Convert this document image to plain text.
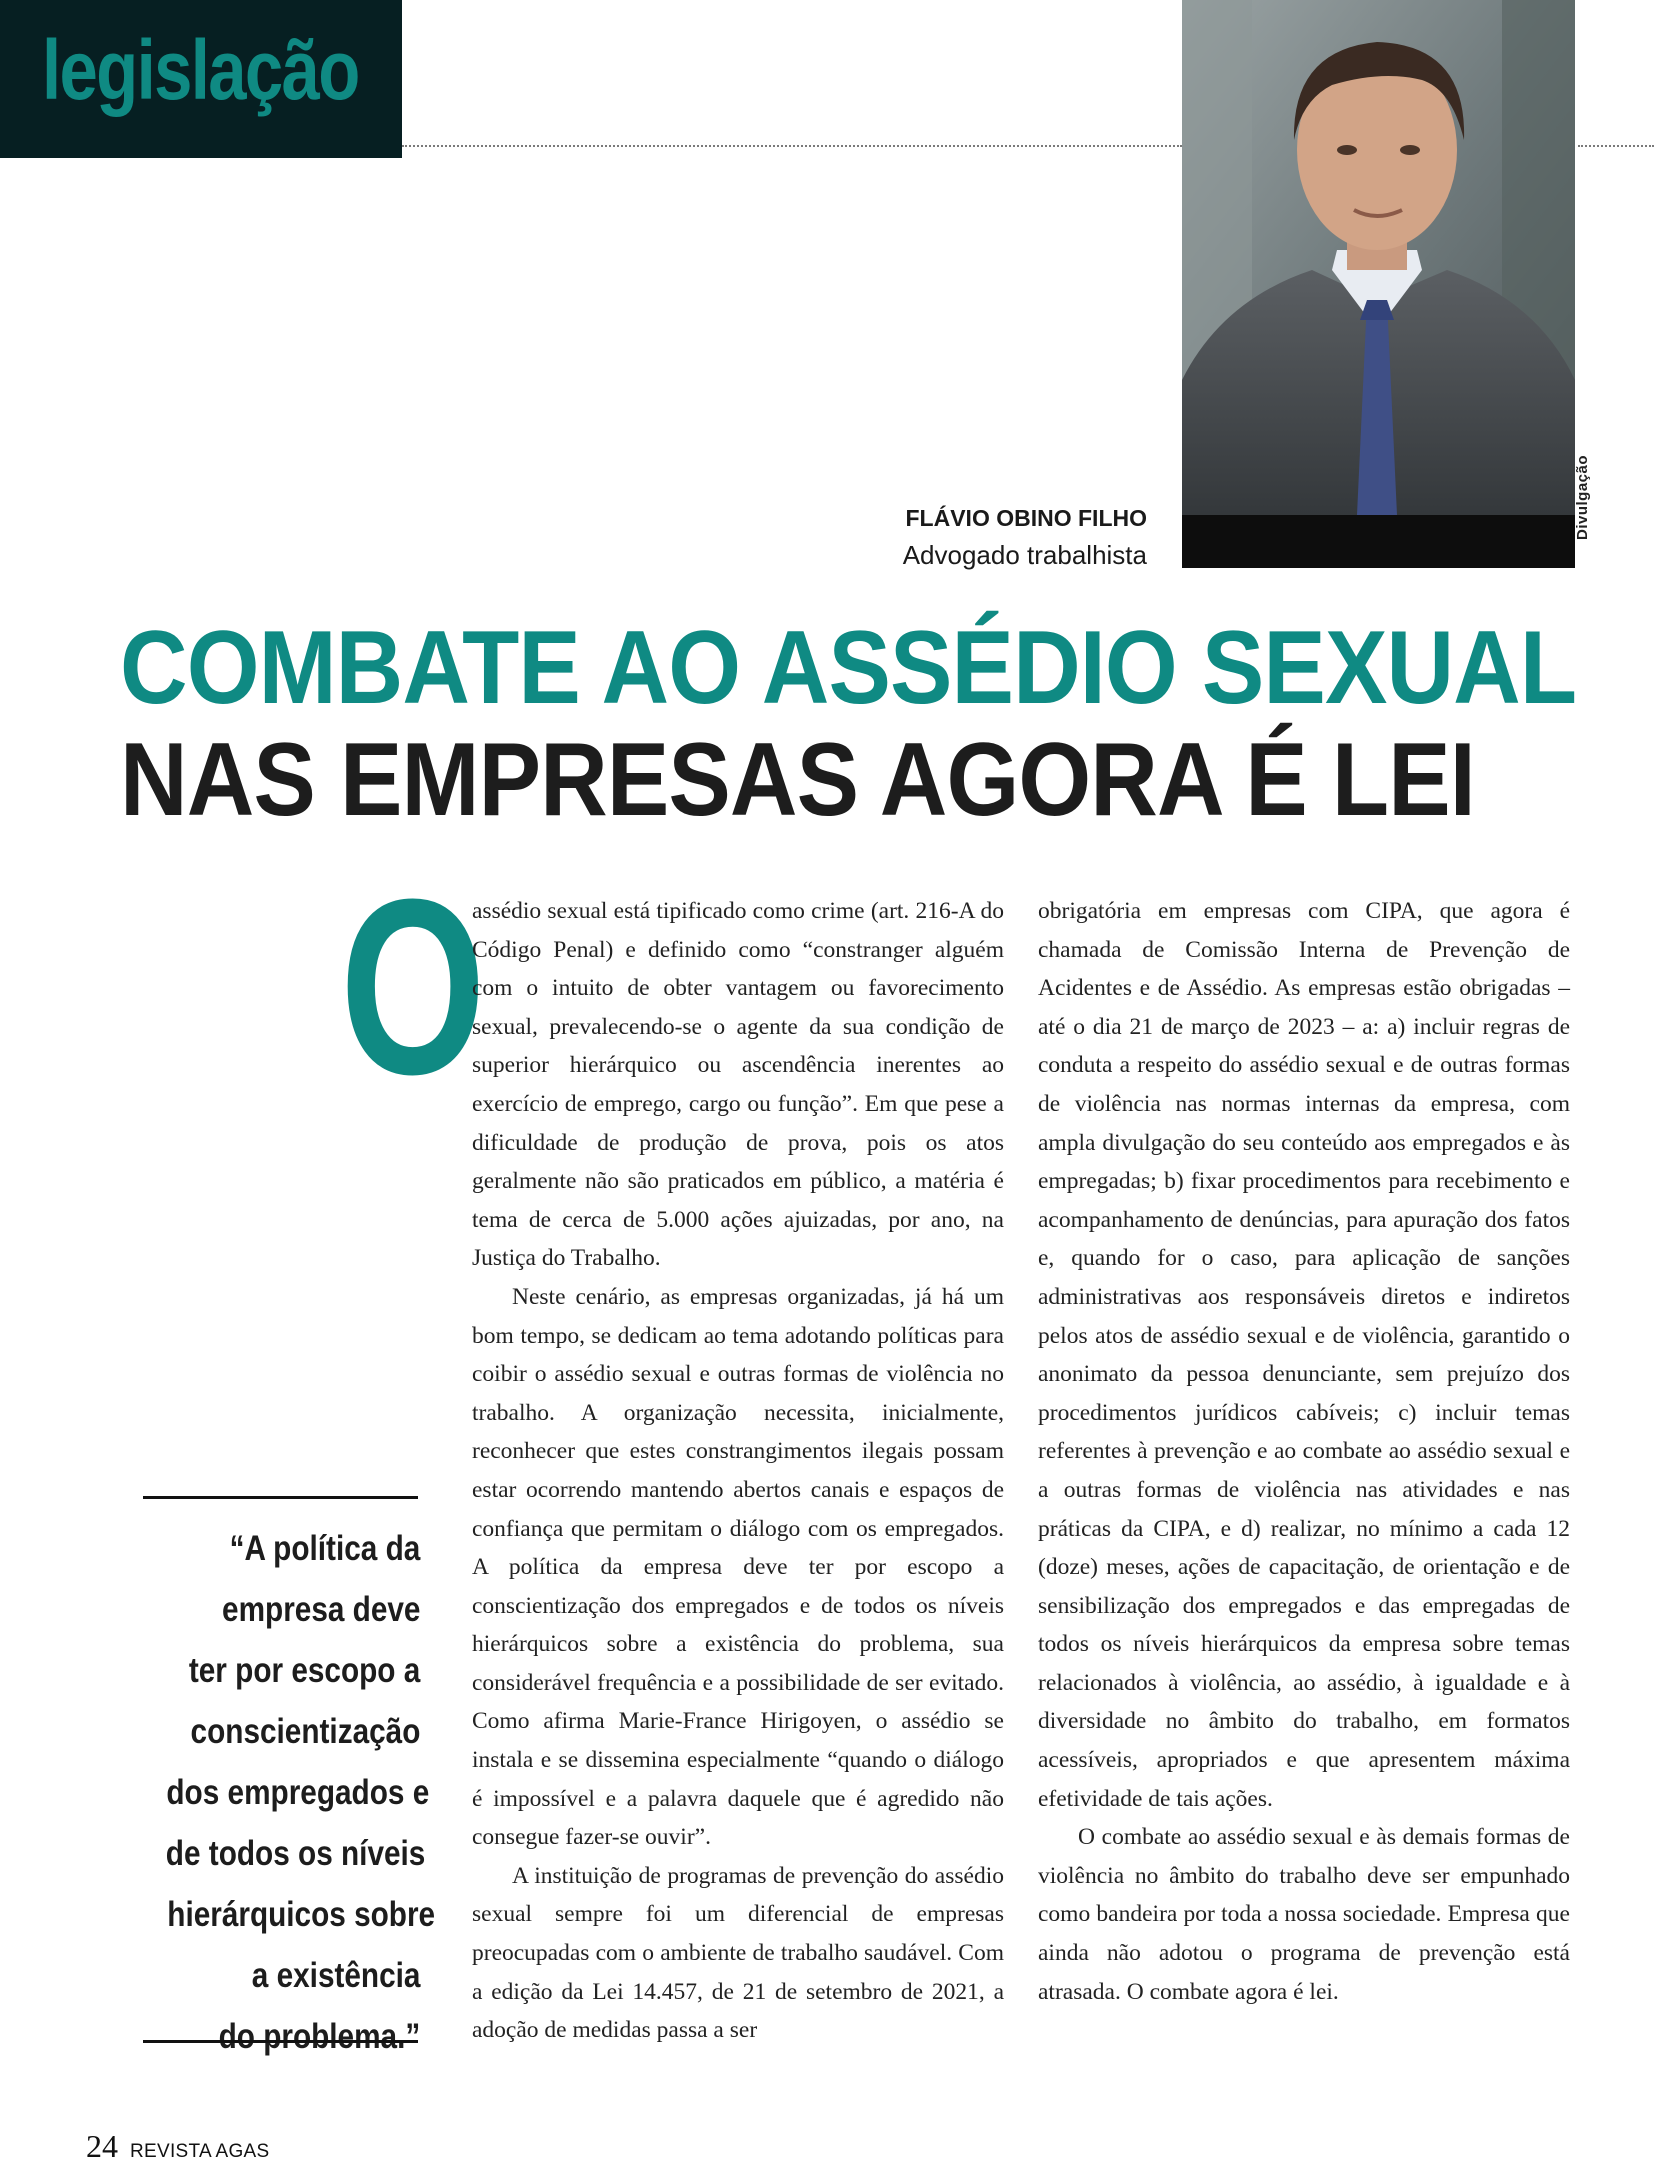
legislação
Divulgação
FLÁVIO OBINO FILHO
Advogado trabalhista
COMBATE AO ASSÉDIO SEXUAL
NAS EMPRESAS AGORA É LEI
O

assédio sexual está tipificado como crime (art. 216-A do Código Penal) e definido como “constranger alguém com o intuito de obter vantagem ou favorecimento sexual, prevalecendo-se o agente da sua condição de superior hierárquico ou ascendência inerentes ao exercício de emprego, cargo ou função”. Em que pese a dificuldade de produção de prova, pois os atos geralmente não são praticados em público, a matéria é tema de cerca de 5.000 ações ajuizadas, por ano, na Justiça do Trabalho.

Neste cenário, as empresas organizadas, já há um bom tempo, se dedicam ao tema adotando políticas para coibir o assédio sexual e outras formas de violência no trabalho. A organização necessita, inicialmente, reconhecer que estes constrangimentos ilegais possam estar ocorrendo mantendo abertos canais e espaços de confiança que permitam o diálogo com os empregados. A política da empresa deve ter por escopo a conscientização dos empregados e de todos os níveis hierárquicos sobre a existência do problema, sua considerável frequência e a possibilidade de ser evitado. Como afirma Marie-France Hirigoyen, o assédio se instala e se dissemina especialmente “quando o diálogo é impossível e a palavra daquele que é agredido não consegue fazer-se ouvir”.

A instituição de programas de prevenção do assédio sexual sempre foi um diferencial de empresas preocupadas com o ambiente de trabalho saudável. Com a edição da Lei 14.457, de 21 de setembro de 2021, a adoção de medidas passa a ser

obrigatória em empresas com CIPA, que agora é chamada de Comissão Interna de Prevenção de Acidentes e de Assédio. As empresas estão obrigadas – até o dia 21 de março de 2023 – a: a) incluir regras de conduta a respeito do assédio sexual e de outras formas de violência nas normas internas da empresa, com ampla divulgação do seu conteúdo aos empregados e às empregadas; b) fixar procedimentos para recebimento e acompanhamento de denúncias, para apuração dos fatos e, quando for o caso, para aplicação de sanções administrativas aos responsáveis diretos e indiretos pelos atos de assédio sexual e de violência, garantido o anonimato da pessoa denunciante, sem prejuízo dos procedimentos jurídicos cabíveis; c) incluir temas referentes à prevenção e ao combate ao assédio sexual e a outras formas de violência nas atividades e nas práticas da CIPA, e d) realizar, no mínimo a cada 12 (doze) meses, ações de capacitação, de orientação e de sensibilização dos empregados e das empregadas de todos os níveis hierárquicos da empresa sobre temas relacionados à violência, ao assédio, à igualdade e à diversidade no âmbito do trabalho, em formatos acessíveis, apropriados e que apresentem máxima efetividade de tais ações.

O combate ao assédio sexual e às demais formas de violência no âmbito do trabalho deve ser empunhado como bandeira por toda a nossa sociedade. Empresa que ainda não adotou o programa de prevenção está atrasada. O combate agora é lei.

“A política da
empresa deve
ter por escopo a
conscientização
dos empregados e
de todos os níveis
hierárquicos sobre
a existência
do problema.”
24 REVISTA AGAS
